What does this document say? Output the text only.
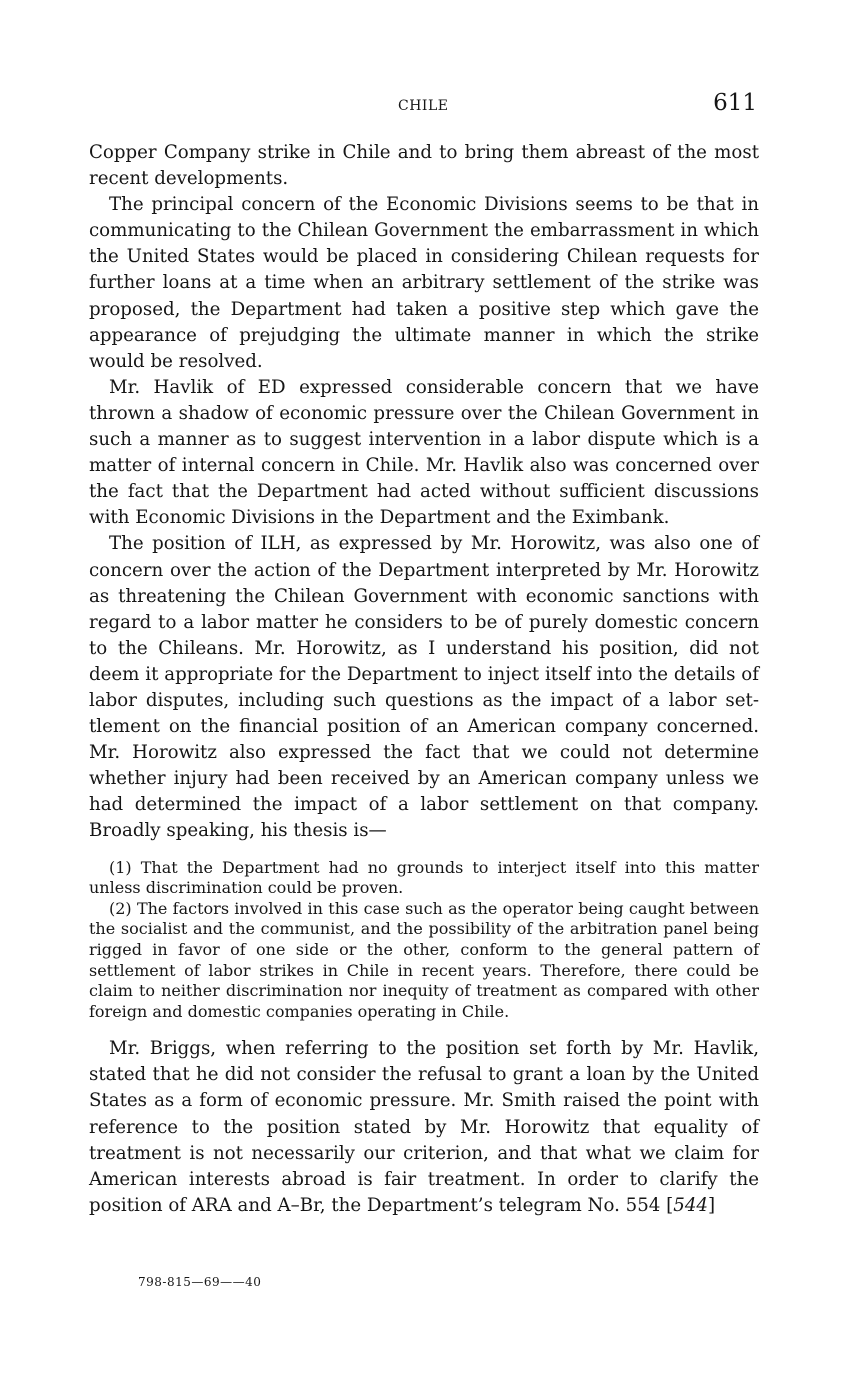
CHILE	611

Copper Company strike in Chile and to bring them abreast of the most recent developments.

The principal concern of the Economic Divisions seems to be that in communicating to the Chilean Government the embarrassment in which the United States would be placed in considering Chilean requests for further loans at a time when an arbitrary settlement of the strike was proposed, the Department had taken a positive step which gave the appearance of prejudging the ultimate manner in which the strike would be resolved.

Mr. Havlik of ED expressed considerable concern that we have thrown a shadow of economic pressure over the Chilean Government in such a manner as to suggest intervention in a labor dispute which is a matter of internal concern in Chile. Mr. Havlik also was concerned over the fact that the Department had acted without sufficient discussions with Economic Divisions in the Department and the Eximbank.

The position of ILH, as expressed by Mr. Horowitz, was also one of concern over the action of the Department interpreted by Mr. Horowitz as threatening the Chilean Government with economic sanctions with regard to a labor matter he considers to be of purely domestic concern to the Chileans. Mr. Horowitz, as I understand his position, did not deem it appropriate for the Department to inject itself into the details of labor disputes, including such questions as the impact of a labor settlement on the financial position of an American company concerned. Mr. Horowitz also expressed the fact that we could not determine whether injury had been received by an American company unless we had determined the impact of a labor settlement on that company. Broadly speaking, his thesis is—

(1) That the Department had no grounds to interject itself into this matter unless discrimination could be proven.

(2) The factors involved in this case such as the operator being caught between the socialist and the communist, and the possibility of the arbitration panel being rigged in favor of one side or the other, conform to the general pattern of settlement of labor strikes in Chile in recent years. Therefore, there could be claim to neither discrimination nor inequity of treatment as compared with other foreign and domestic companies operating in Chile.

Mr. Briggs, when referring to the position set forth by Mr. Havlik, stated that he did not consider the refusal to grant a loan by the United States as a form of economic pressure. Mr. Smith raised the point with reference to the position stated by Mr. Horowitz that equality of treatment is not necessarily our criterion, and that what we claim for American interests abroad is fair treatment. In order to clarify the position of ARA and A–Br, the Department’s telegram No. 554 [544]

798-815—69——40
